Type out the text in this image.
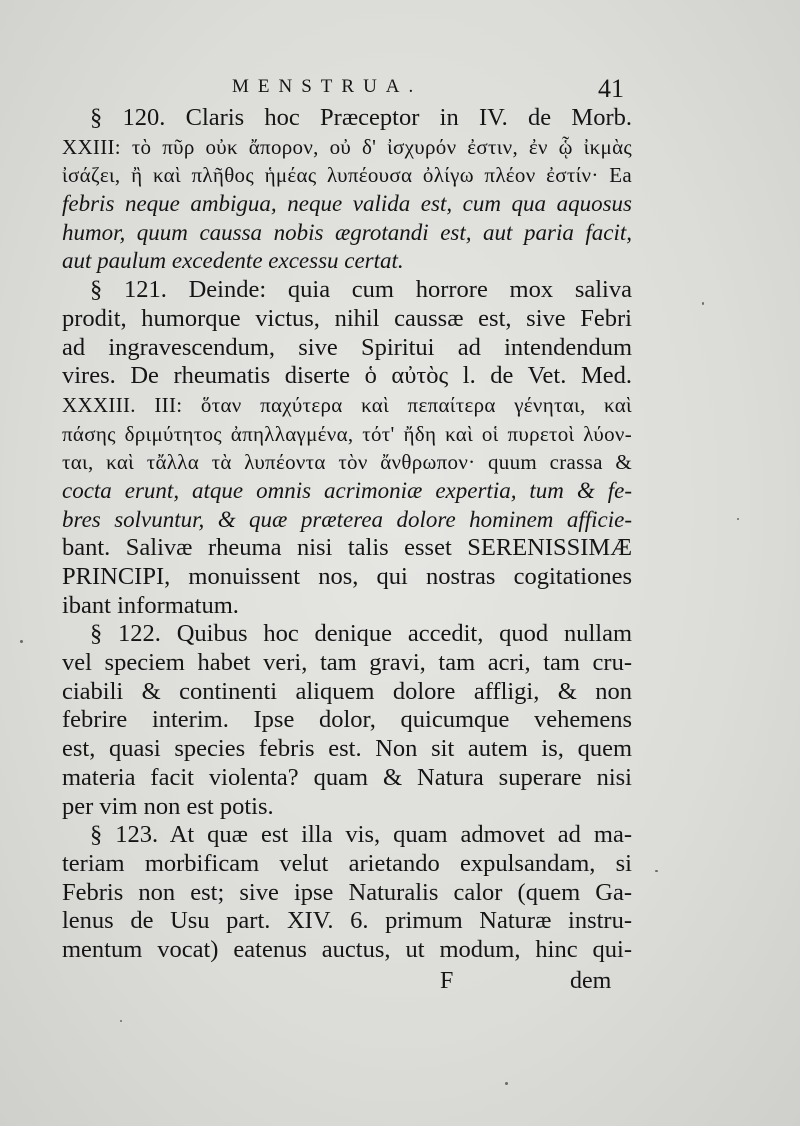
MENSTRUA.	41
§ 120. Claris hoc Præceptor in IV. de Morb.
XXIII: τὸ πῦρ οὐκ ἄπορον, οὐ δ' ἰσχυρόν ἐστιν, ἐν ᾧ ἰκμὰς
ἰσάζει, ἢ καὶ πλῆθος ἡμέας λυπέουσα ὀλίγω πλέον ἐστίν· Ea
febris neque ambigua, neque valida est, cum qua aquosus
humor, quum caussa nobis ægrotandi est, aut paria facit,
aut paulum excedente excessu certat.
§ 121. Deinde: quia cum horrore mox saliva
prodit, humorque victus, nihil caussæ est, sive Febri
ad ingravescendum, sive Spiritui ad intendendum
vires. De rheumatis diserte ὁ αὐτὸς l. de Vet. Med.
XXXIII. III: ὅταν παχύτερα καὶ πεπαίτερα γένηται, καὶ
πάσης δριμύτητος ἀπηλλαγμένα, τότ' ἤδη καὶ οἱ πυρετοὶ λύον-
ται, καὶ τἄλλα τὰ λυπέοντα τὸν ἄνθρωπον· quum crassa &
cocta erunt, atque omnis acrimoniæ expertia, tum & fe-
bres solvuntur, & quæ præterea dolore hominem afficie-
bant. Salivæ rheuma nisi talis esset SERENISSIMÆ
PRINCIPI, monuissent nos, qui nostras cogitationes
ibant informatum.
§ 122. Quibus hoc denique accedit, quod nullam
vel speciem habet veri, tam gravi, tam acri, tam cru-
ciabili & continenti aliquem dolore affligi, & non
febrire interim. Ipse dolor, quicumque vehemens
est, quasi species febris est. Non sit autem is, quem
materia facit violenta? quam & Natura superare nisi
per vim non est potis.
§ 123. At quæ est illa vis, quam admovet ad ma-
teriam morbificam velut arietando expulsandam, si
Febris non est; sive ipse Naturalis calor (quem Ga-
lenus de Usu part. XIV. 6. primum Naturæ instru-
mentum vocat) eatenus auctus, ut modum, hinc qui-
F	dem
